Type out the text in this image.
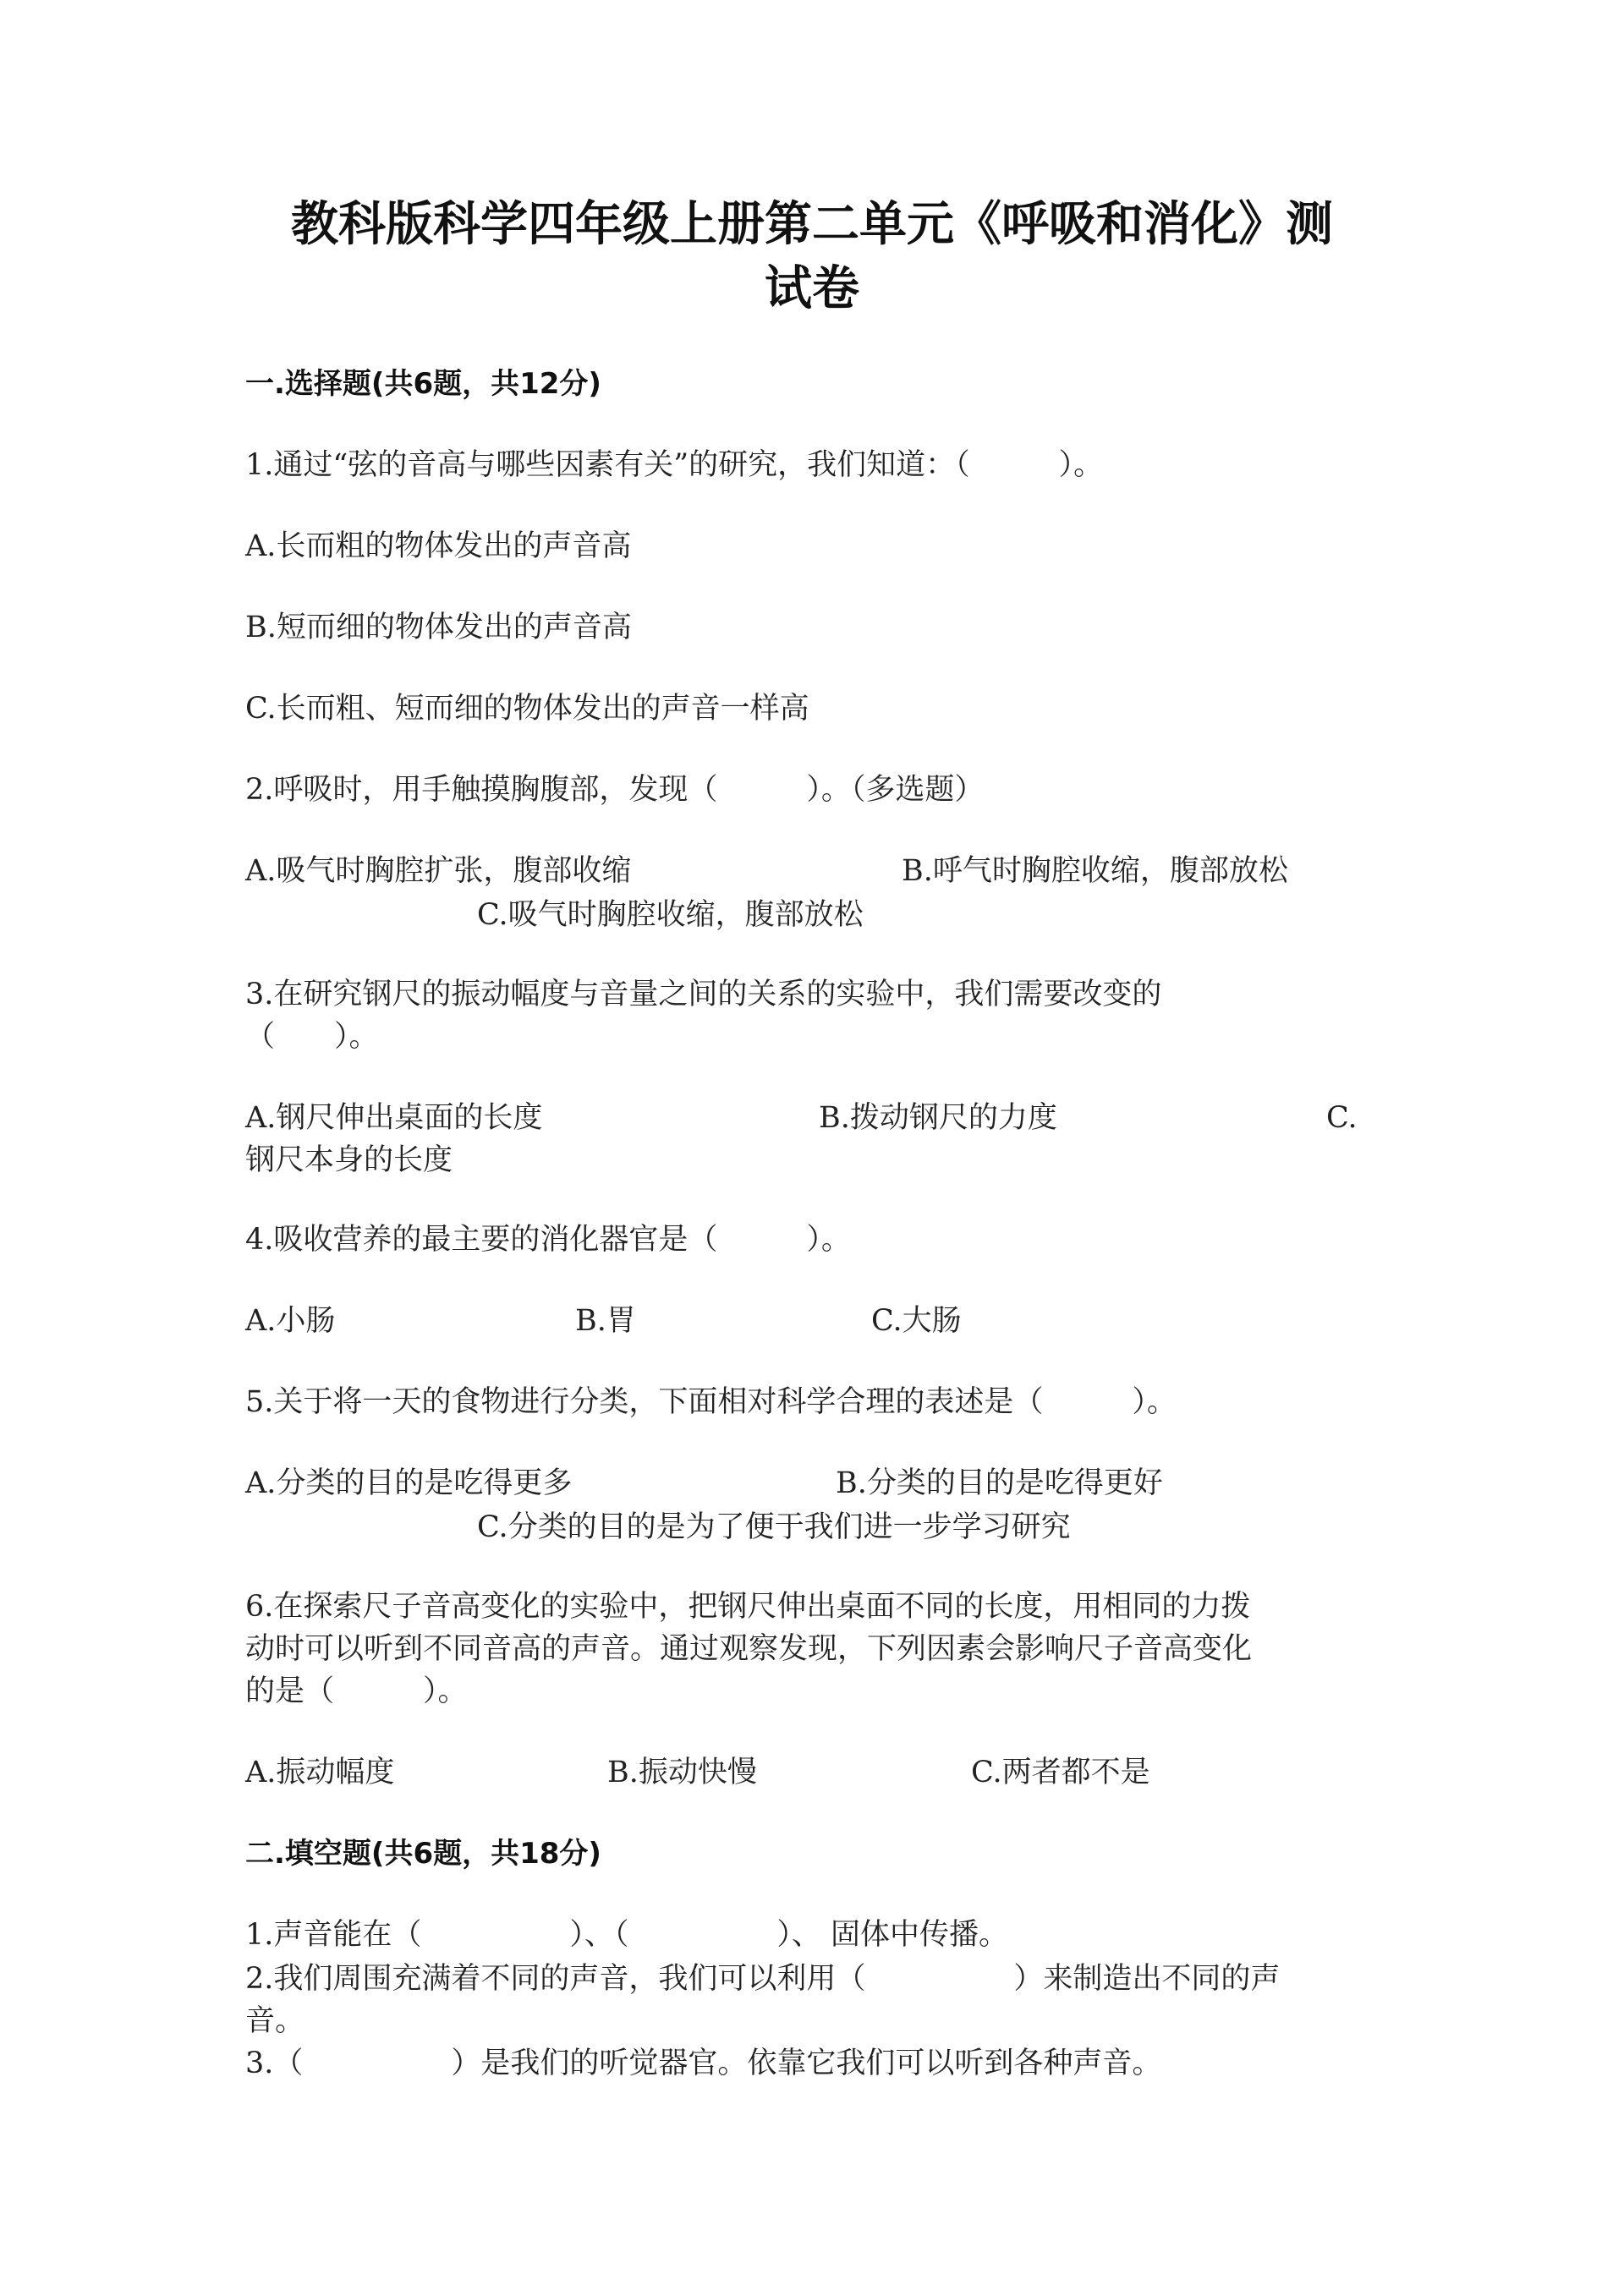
教科版科学四年级上册第二单元《呼吸和消化》测
试卷
一.选择题(共6题，共12分)
1.通过“弦的音高与哪些因素有关”的研究，我们知道：（　　　）。
A.长而粗的物体发出的声音高
B.短而细的物体发出的声音高
C.长而粗、短而细的物体发出的声音一样高
2.呼吸时，用手触摸胸腹部，发现（　　　）。（多选题）
A.吸气时胸腔扩张，腹部收缩	B.呼气时胸腔收缩，腹部放松
C.吸气时胸腔收缩，腹部放松
3.在研究钢尺的振动幅度与音量之间的关系的实验中，我们需要改变的
（　　）。
A.钢尺伸出桌面的长度	B.拨动钢尺的力度	C.
钢尺本身的长度
4.吸收营养的最主要的消化器官是（　　　）。
A.小肠	B.胃	C.大肠
5.关于将一天的食物进行分类，下面相对科学合理的表述是（　　　）。
A.分类的目的是吃得更多	B.分类的目的是吃得更好
C.分类的目的是为了便于我们进一步学习研究
6.在探索尺子音高变化的实验中，把钢尺伸出桌面不同的长度，用相同的力拨
动时可以听到不同音高的声音。通过观察发现，下列因素会影响尺子音高变化
的是（　　　）。
A.振动幅度	B.振动快慢	C.两者都不是
二.填空题(共6题，共18分)
1.声音能在（　　　　　）、（　　　　　）、 固体中传播。
2.我们周围充满着不同的声音，我们可以利用（　　　　　）来制造出不同的声
音。
3.（　　　　　）是我们的听觉器官。依靠它我们可以听到各种声音。
